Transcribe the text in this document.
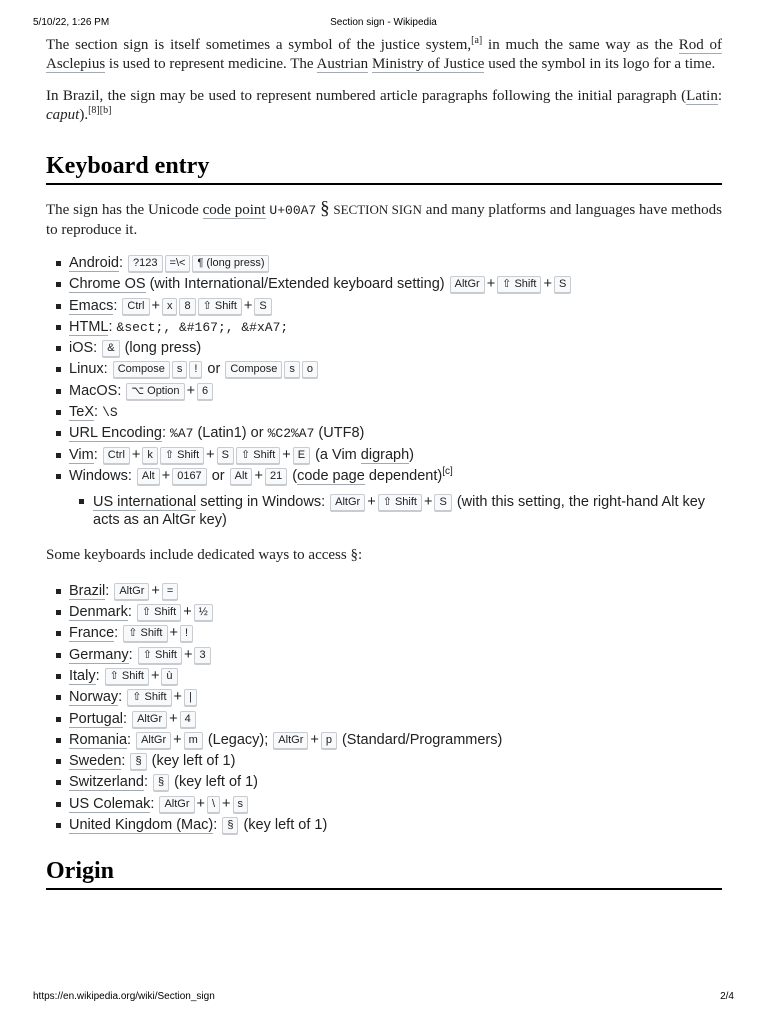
5/10/22, 1:26 PM	Section sign - Wikipedia

The section sign is itself sometimes a symbol of the justice system,[a] in much the same way as the Rod of Asclepius is used to represent medicine. The Austrian Ministry of Justice used the symbol in its logo for a time.

In Brazil, the sign may be used to represent numbered article paragraphs following the initial paragraph (Latin: caput).[8][b]

Keyboard entry

The sign has the Unicode code point U+00A7 § SECTION SIGN and many platforms and languages have methods to reproduce it.

Android: ?123 =\< ¶ (long press)
Chrome OS (with International/Extended keyboard setting) AltGr + ⇧ Shift + S
Emacs: Ctrl + x 8 ⇧ Shift + S
HTML: &sect;, &#167;, &#xA7;
iOS: & (long press)
Linux: Compose s ! or Compose s o
MacOS: ⌥ Option + 6
TeX: \S
URL Encoding: %A7 (Latin1) or %C2%A7 (UTF8)
Vim: Ctrl + k ⇧ Shift + S ⇧ Shift + E (a Vim digraph)
Windows: Alt + 0167 or Alt + 21 (code page dependent)[c]
US international setting in Windows: AltGr + ⇧ Shift + S (with this setting, the right-hand Alt key acts as an AltGr key)

Some keyboards include dedicated ways to access §:

Brazil: AltGr + =
Denmark: ⇧ Shift + ½
France: ⇧ Shift + !
Germany: ⇧ Shift + 3
Italy: ⇧ Shift + ù
Norway: ⇧ Shift + |
Portugal: AltGr + 4
Romania: AltGr + m (Legacy); AltGr + p (Standard/Programmers)
Sweden: § (key left of 1)
Switzerland: § (key left of 1)
US Colemak: AltGr + \ + s
United Kingdom (Mac): § (key left of 1)
Origin
https://en.wikipedia.org/wiki/Section_sign	2/4
